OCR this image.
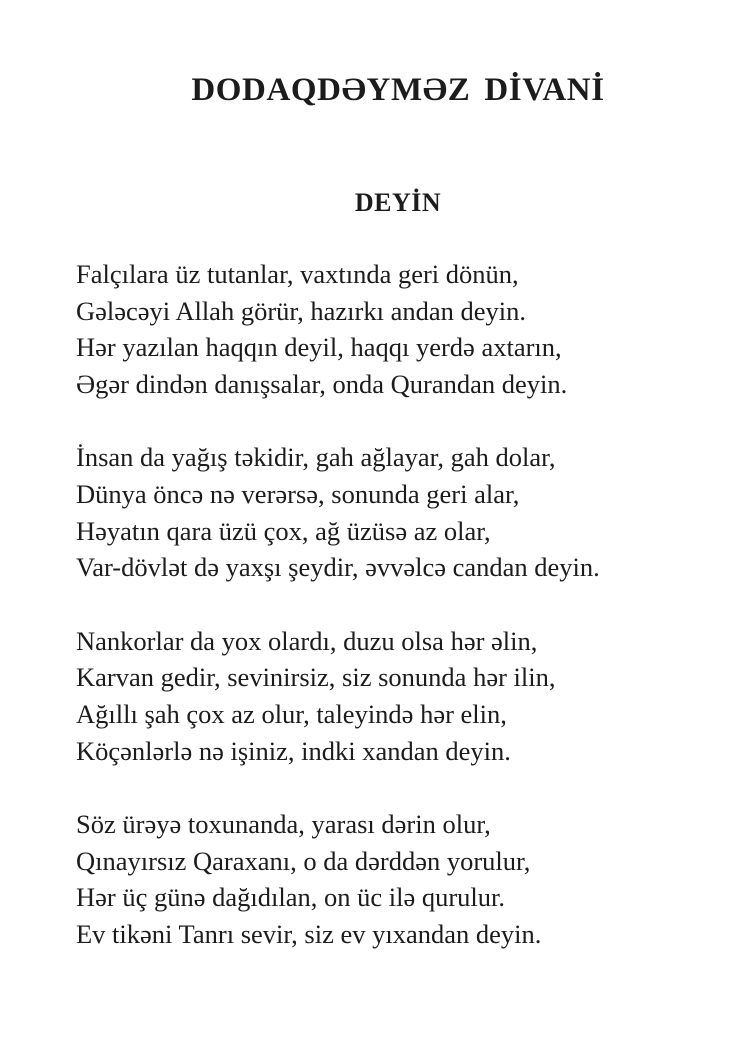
DODAQDƏYMƏZ DİVANİ
DEYİN
Falçılara üz tutanlar, vaxtında geri dönün,
Gələcəyi Allah görür, hazırkı andan deyin.
Hər yazılan haqqın deyil, haqqı yerdə axtarın,
Əgər dindən danışsalar, onda Qurandan deyin.
İnsan da yağış təkidir, gah ağlayar, gah dolar,
Dünya öncə nə verərsə, sonunda geri alar,
Həyatın qara üzü çox, ağ üzüsə az olar,
Var-dövlət də yaxşı şeydir, əvvəlcə candan deyin.
Nankorlar da yox olardı, duzu olsa hər əlin,
Karvan gedir, sevinirsiz, siz sonunda hər ilin,
Ağıllı şah çox az olur, taleyində hər elin,
Köçənlərlə nə işiniz, indki xandan deyin.
Söz ürəyə toxunanda, yarası dərin olur,
Qınayırsız Qaraxanı, o da dərddən yorulur,
Hər üç günə dağıdılan, on üc ilə qurulur.
Ev tikəni Tanrı sevir, siz ev yıxandan deyin.
